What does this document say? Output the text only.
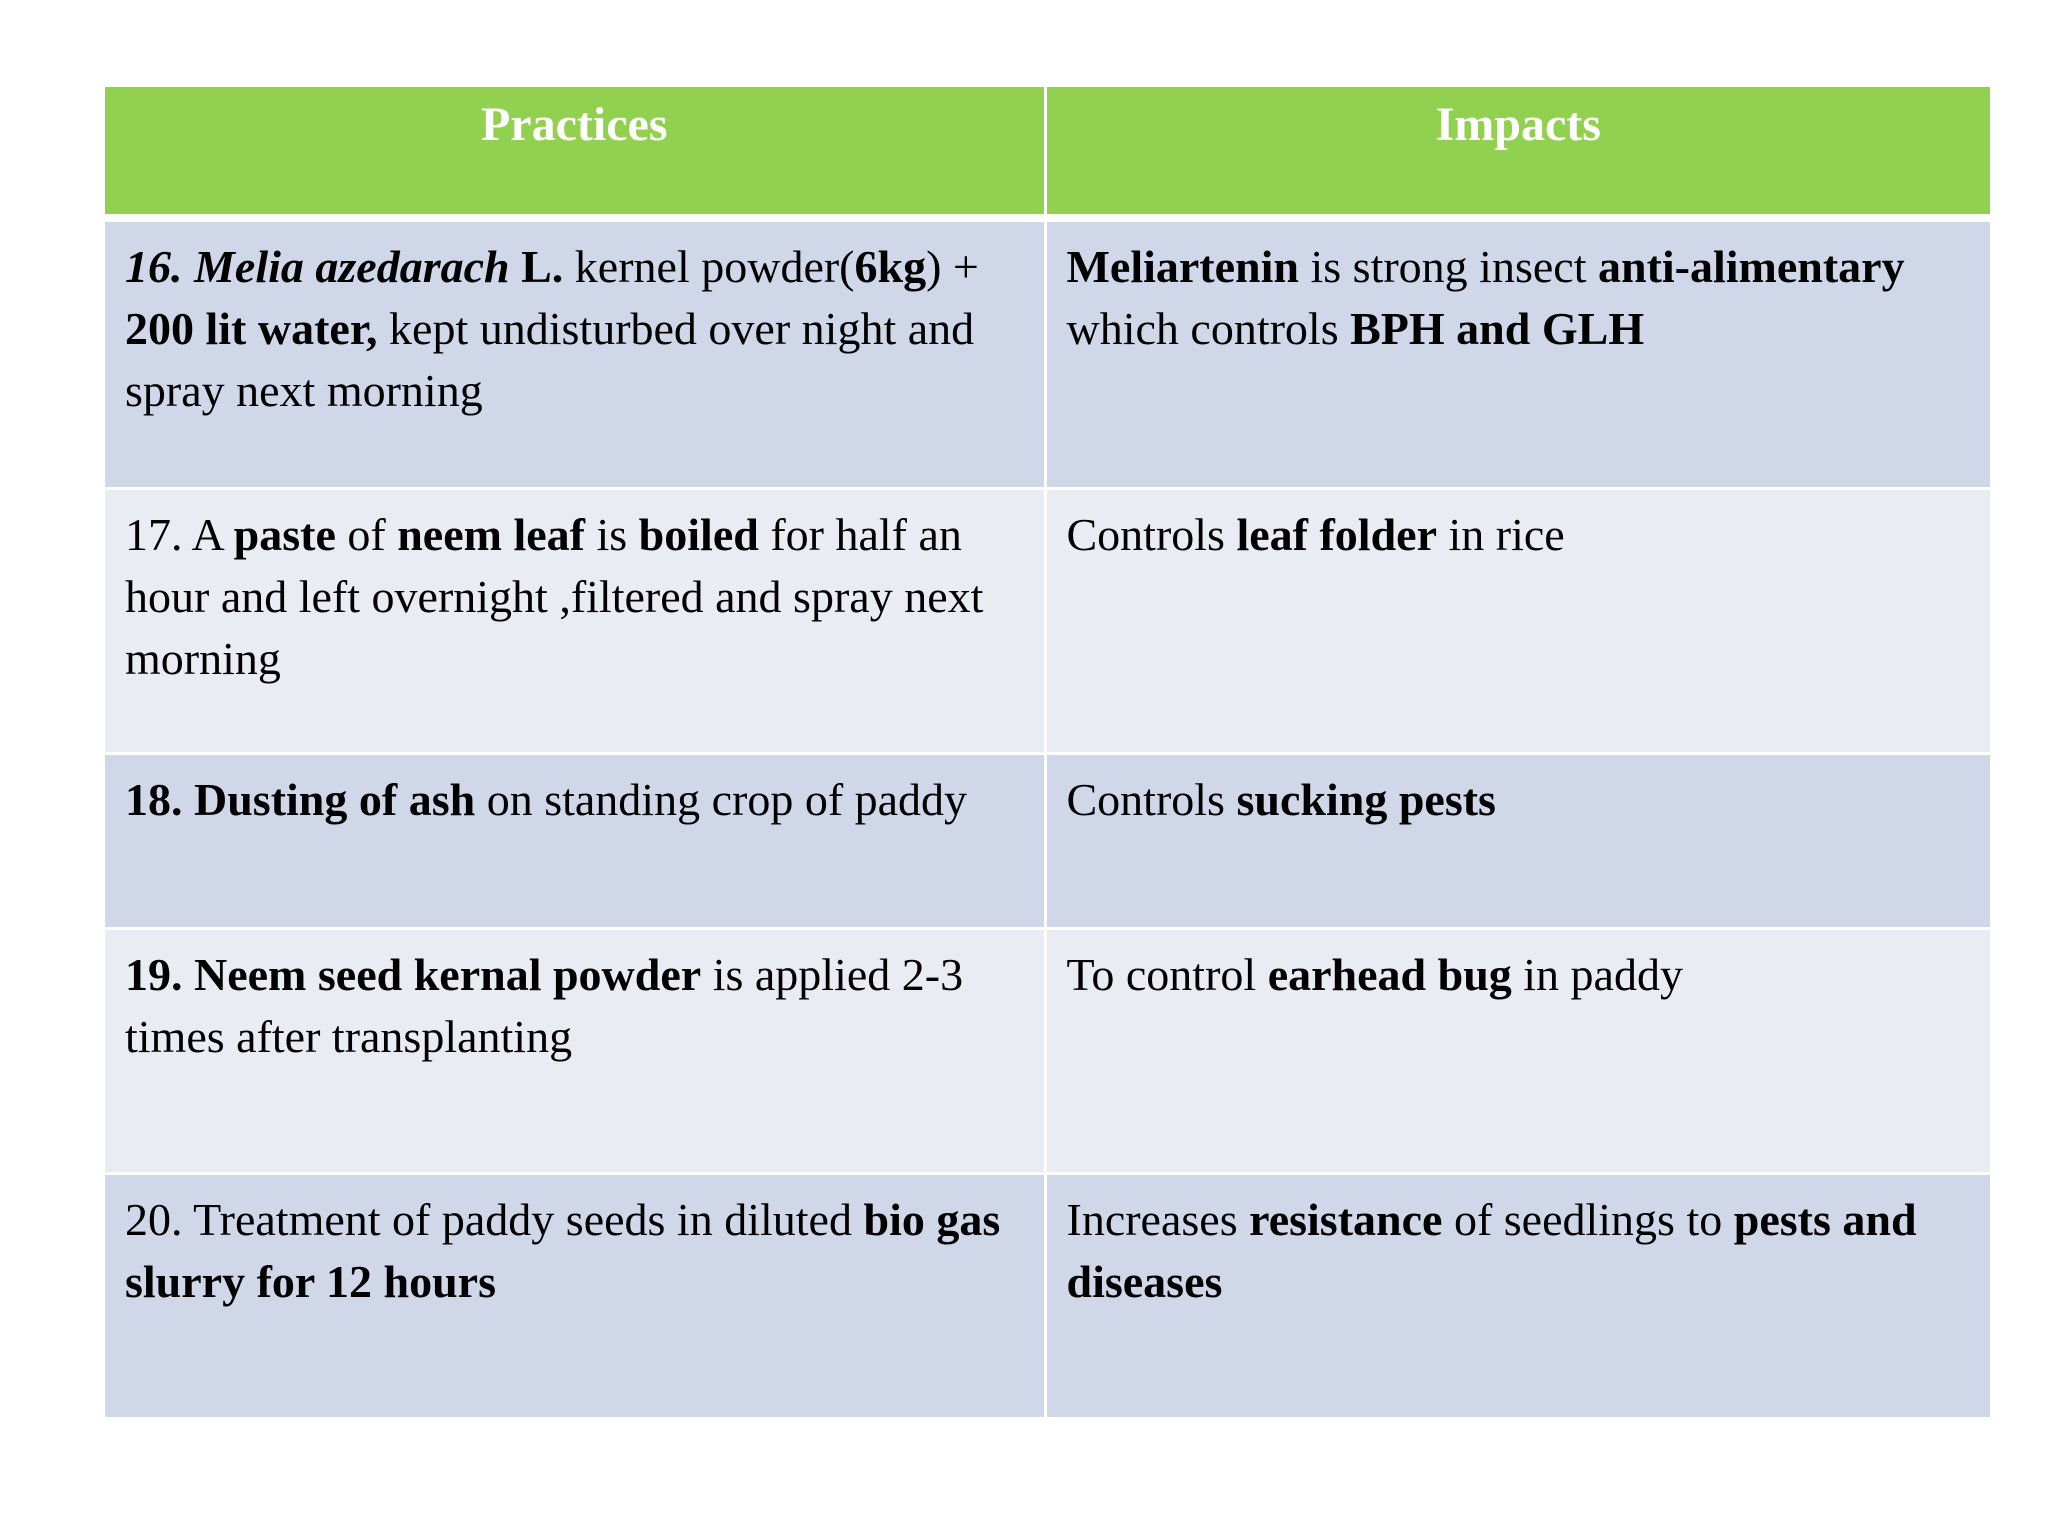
Practices	Impacts
16. Melia azedarach L. kernel powder(6kg) + 200 lit water, kept undisturbed over night and spray next morning	Meliartenin is strong insect anti-alimentary which controls BPH and GLH
17. A paste of neem leaf is boiled for half an hour and left overnight ,filtered and spray next morning	Controls leaf folder in rice
18. Dusting of ash on standing crop of paddy	Controls sucking pests
19. Neem seed kernal powder is applied 2-3 times after transplanting	To control earhead bug in paddy
20. Treatment of paddy seeds in diluted bio gas slurry for 12 hours	Increases resistance of seedlings to pests and diseases
